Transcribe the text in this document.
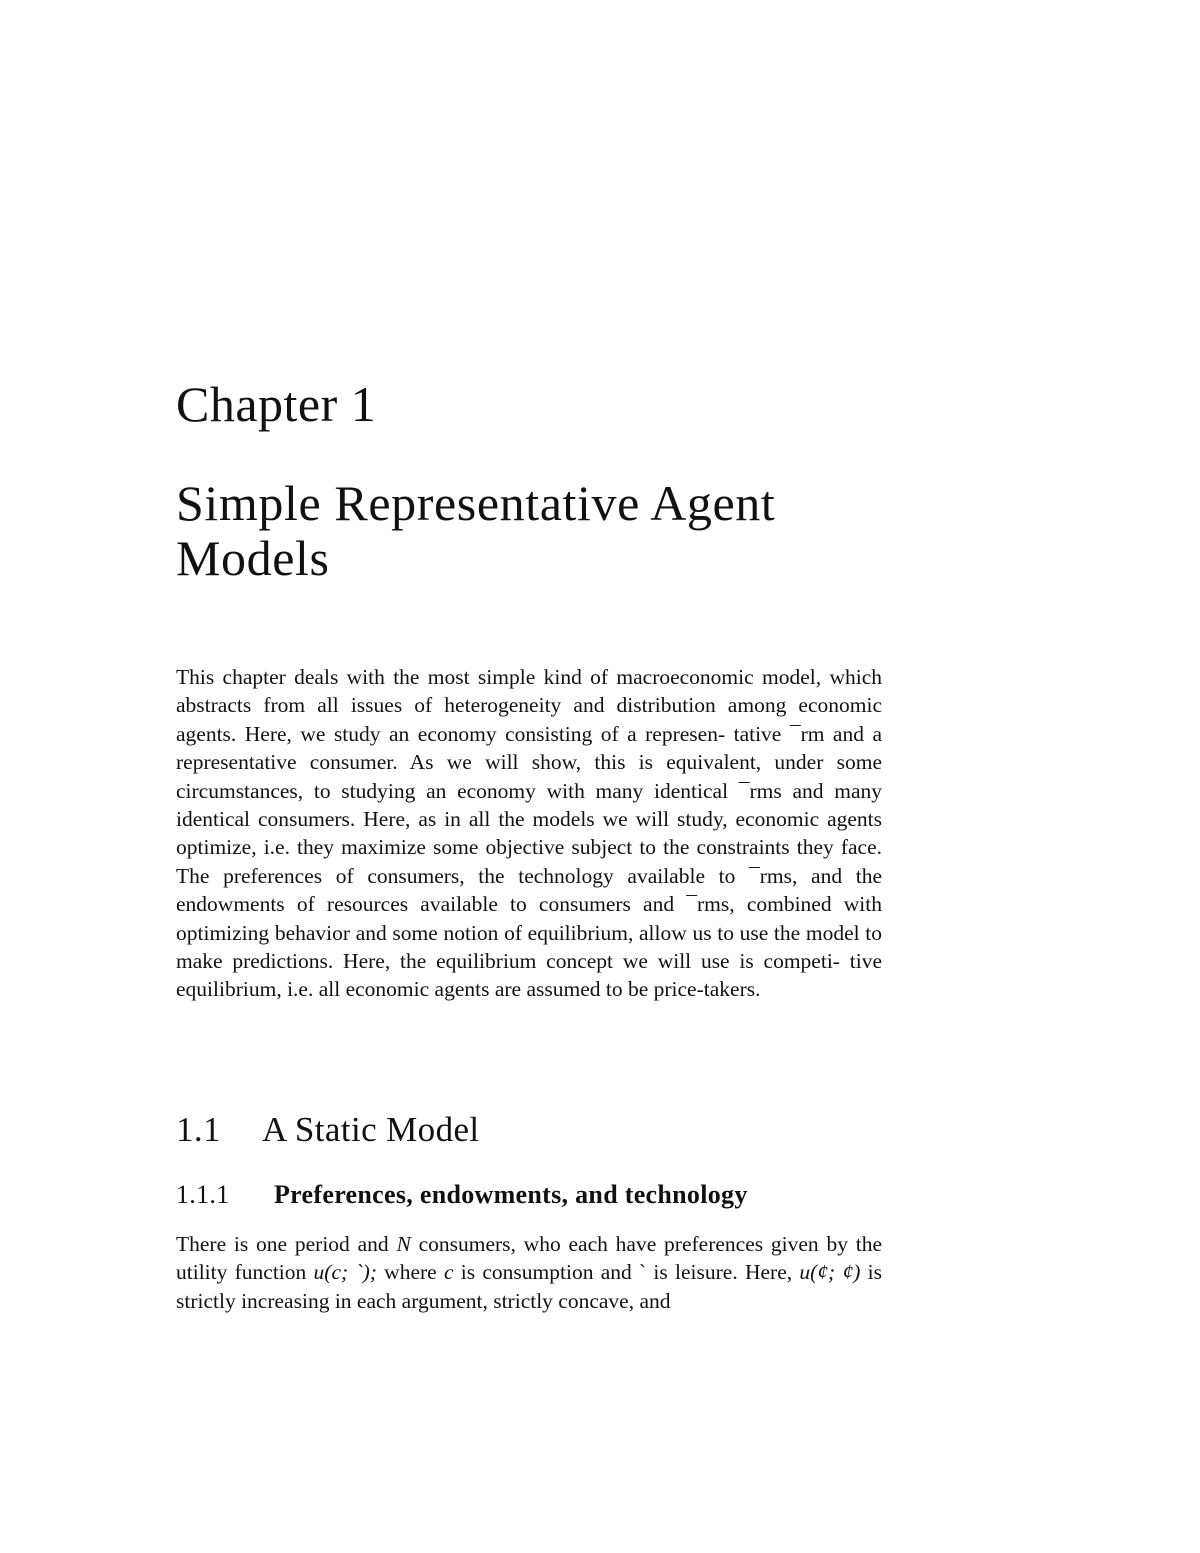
Chapter 1
Simple Representative Agent Models

This chapter deals with the most simple kind of macroeconomic model, which abstracts from all issues of heterogeneity and distribution among economic agents. Here, we study an economy consisting of a represen- tative ¯rm and a representative consumer. As we will show, this is equivalent, under some circumstances, to studying an economy with many identical ¯rms and many identical consumers. Here, as in all the models we will study, economic agents optimize, i.e. they maximize some objective subject to the constraints they face. The preferences of consumers, the technology available to ¯rms, and the endowments of resources available to consumers and ¯rms, combined with optimizing behavior and some notion of equilibrium, allow us to use the model to make predictions. Here, the equilibrium concept we will use is competi- tive equilibrium, i.e. all economic agents are assumed to be price-takers.

1.1 A Static Model
1.1.1 Preferences, endowments, and technology

There is one period and N consumers, who each have preferences given by the utility function u(c; `); where c is consumption and ` is leisure. Here, u(¢; ¢) is strictly increasing in each argument, strictly concave, and
